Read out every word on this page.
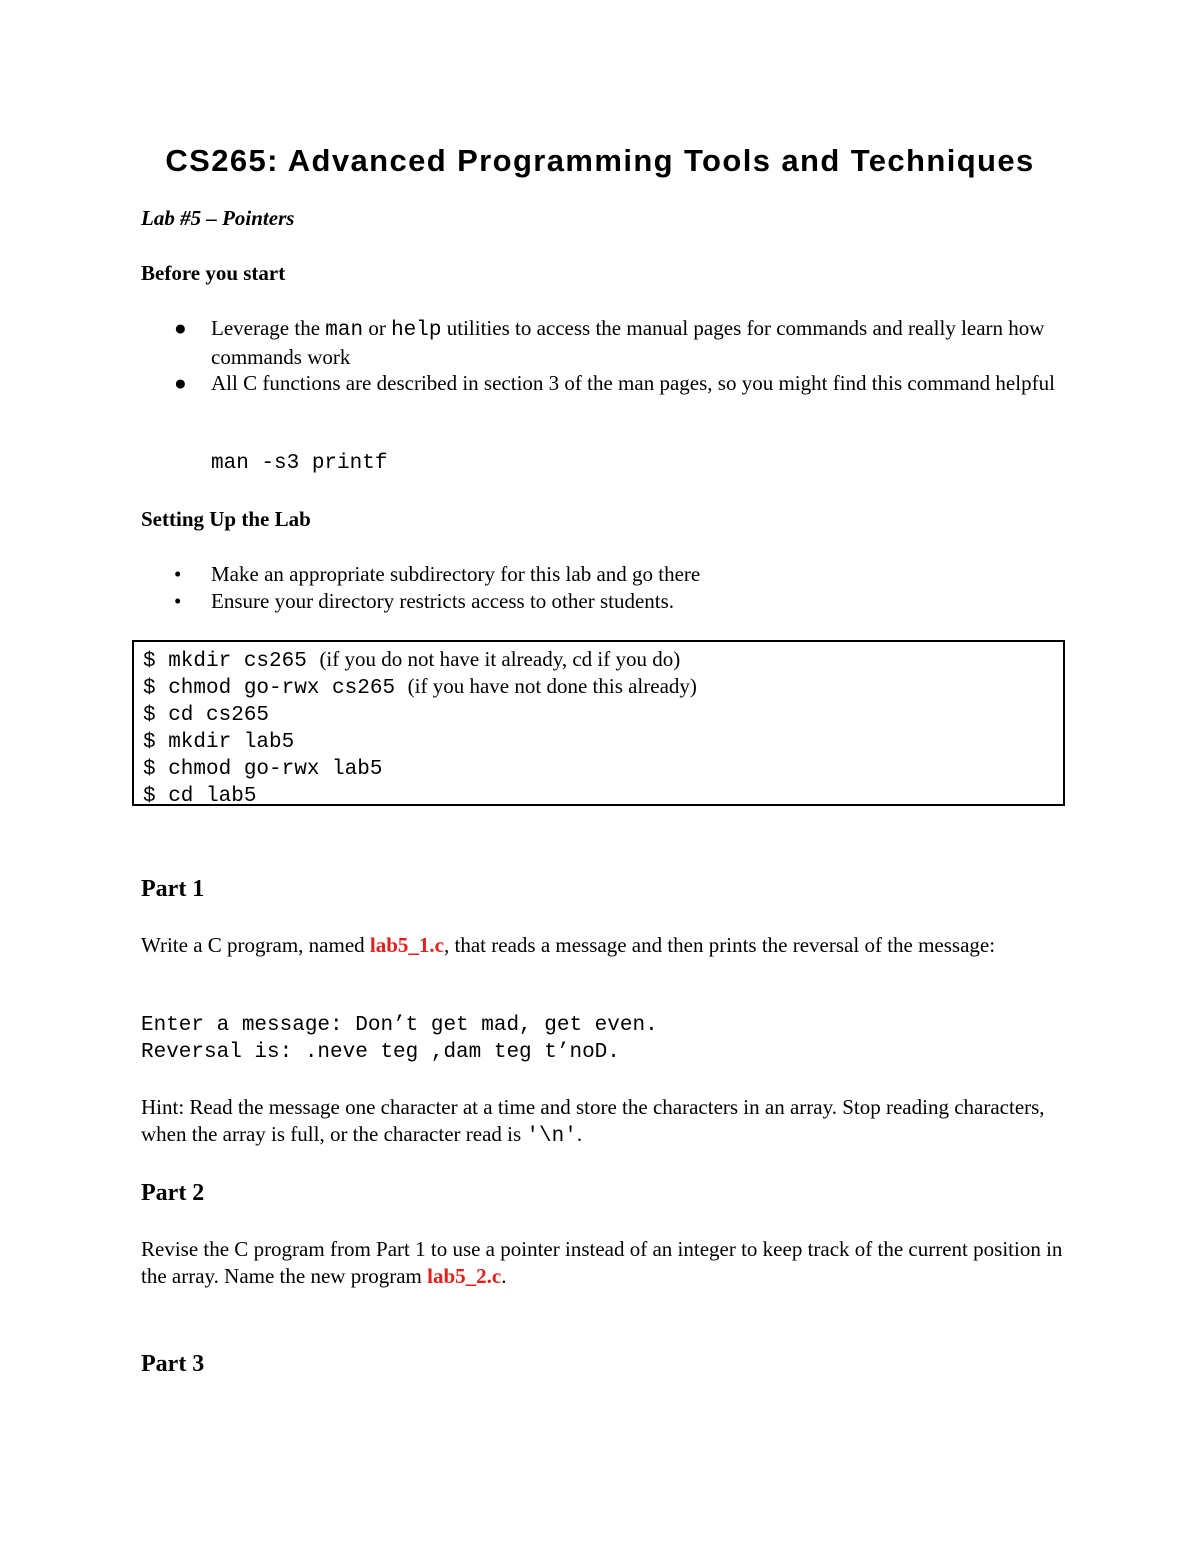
CS265: Advanced Programming Tools and Techniques
Lab #5 – Pointers
Before you start
● Leverage the man or help utilities to access the manual pages for commands and really learn how commands work
● All C functions are described in section 3 of the man pages, so you might find this command helpful
man -s3 printf
Setting Up the Lab
• Make an appropriate subdirectory for this lab and go there
• Ensure your directory restricts access to other students.
$ mkdir cs265 (if you do not have it already, cd if you do)
$ chmod go-rwx cs265 (if you have not done this already)
$ cd cs265
$ mkdir lab5
$ chmod go-rwx lab5
$ cd lab5
Part 1
Write a C program, named lab5_1.c, that reads a message and then prints the reversal of the message:
Enter a message: Don’t get mad, get even.
Reversal is: .neve teg ,dam teg t’noD.
Hint: Read the message one character at a time and store the characters in an array. Stop reading characters, when the array is full, or the character read is '\n'.
Part 2
Revise the C program from Part 1 to use a pointer instead of an integer to keep track of the current position in the array. Name the new program lab5_2.c.
Part 3
